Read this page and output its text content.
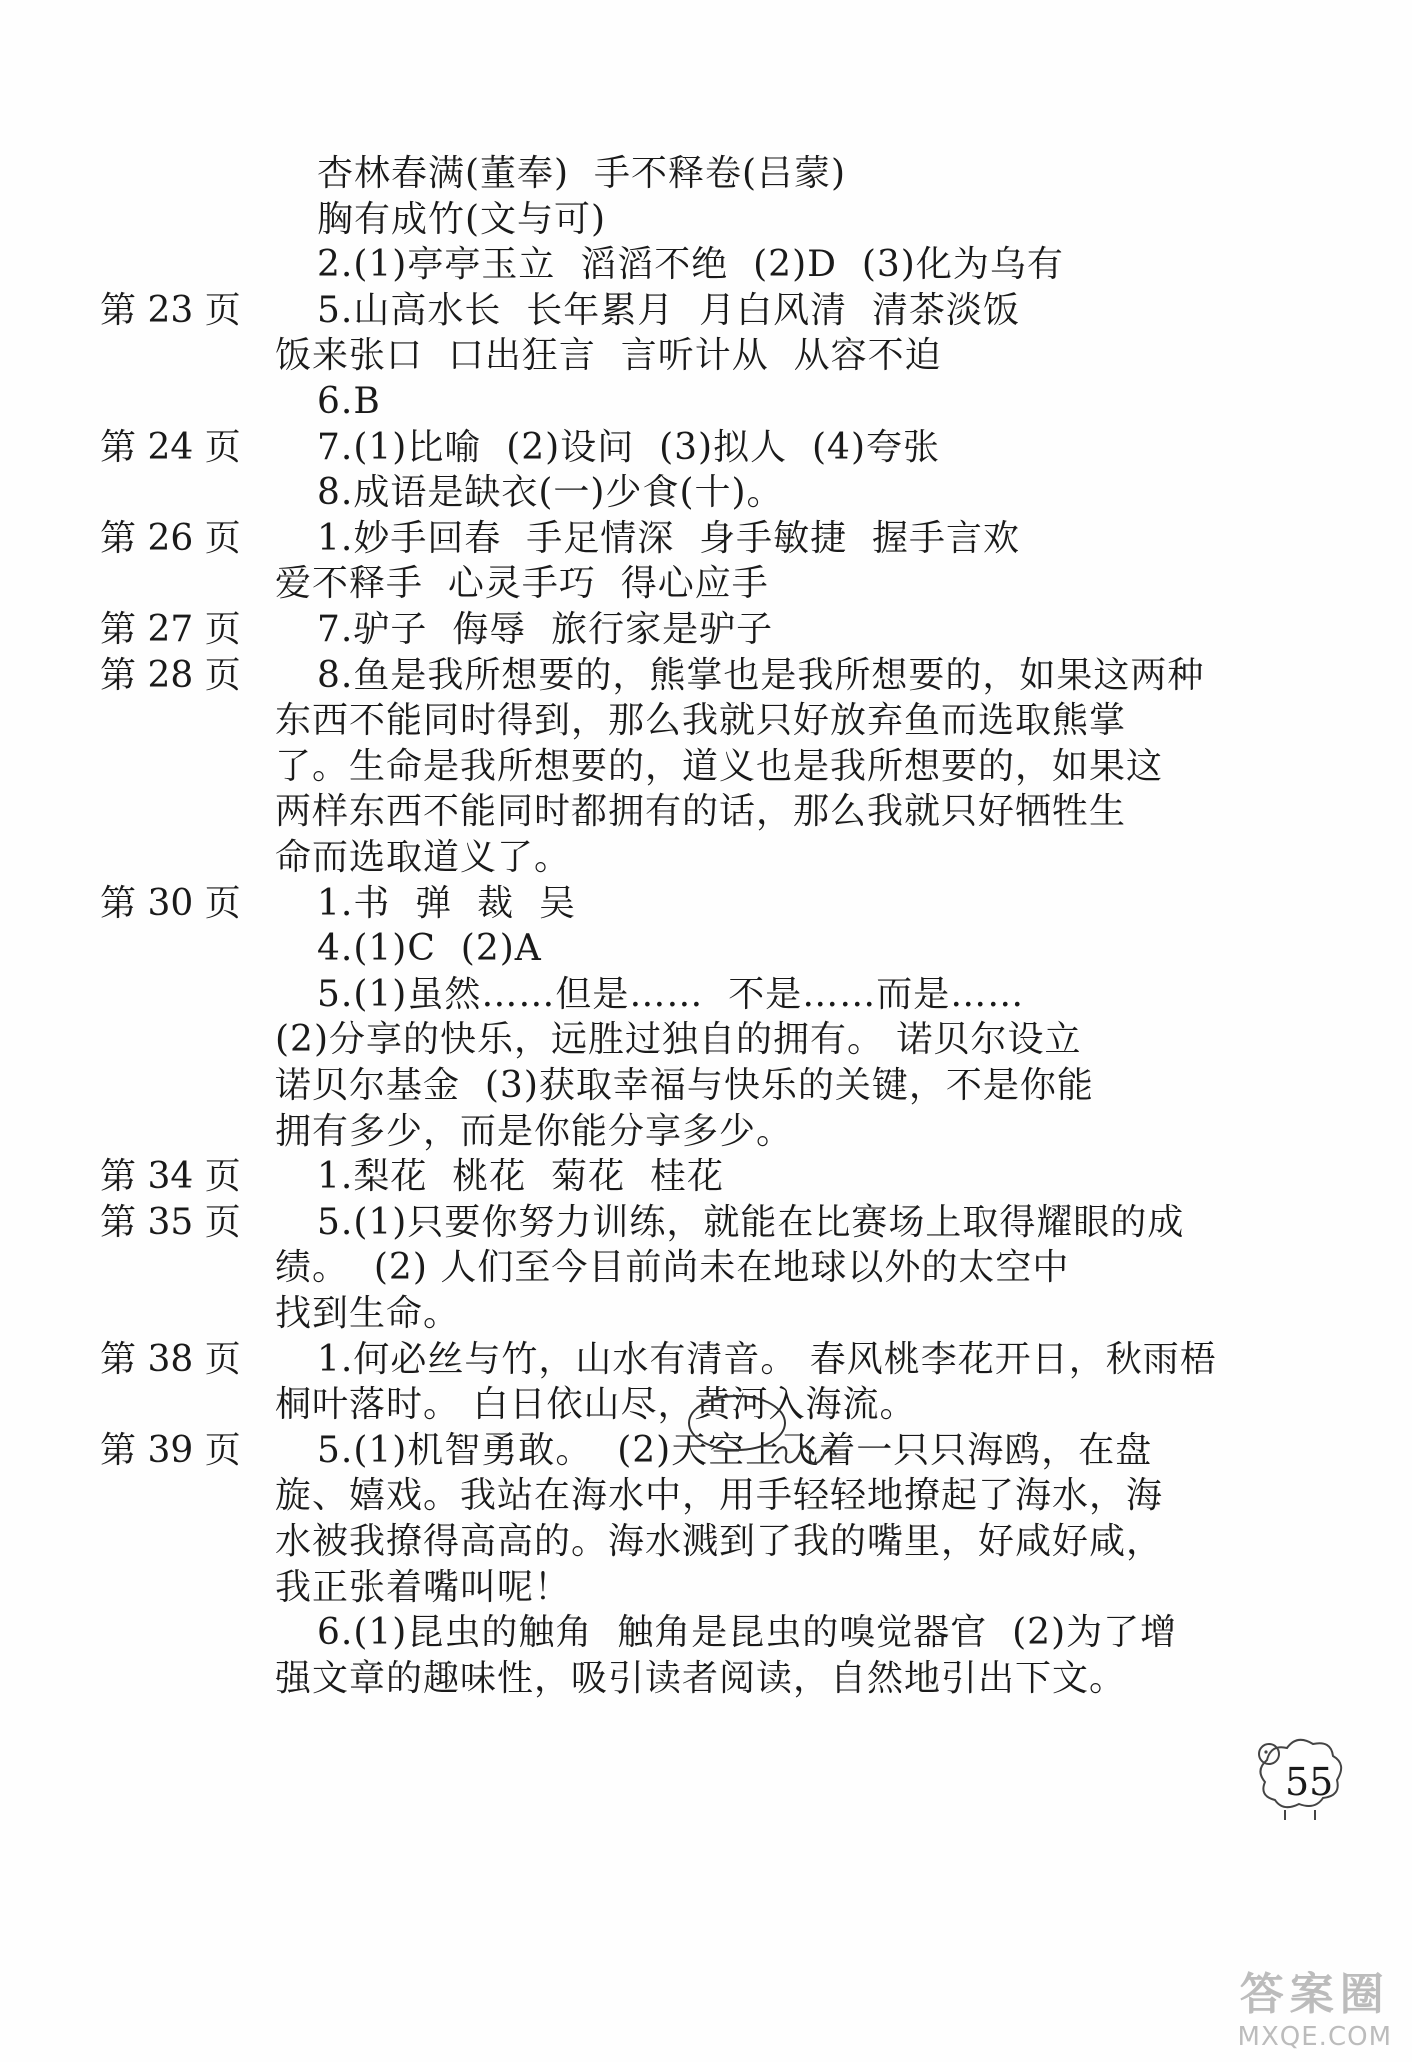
杏林春满(董奉)  手不释卷(吕蒙)
胸有成竹(文与可)
2.(1)亭亭玉立  滔滔不绝  (2)D  (3)化为乌有
第 23 页 5.山高水长  长年累月  月白风清  清茶淡饭
饭来张口  口出狂言  言听计从  从容不迫
6.B
第 24 页 7.(1)比喻  (2)设问  (3)拟人  (4)夸张
8.成语是缺衣(一)少食(十)。
第 26 页 1.妙手回春  手足情深  身手敏捷  握手言欢
爱不释手  心灵手巧  得心应手
第 27 页 7.驴子  侮辱  旅行家是驴子
第 28 页 8.鱼是我所想要的，熊掌也是我所想要的，如果这两种
东西不能同时得到，那么我就只好放弃鱼而选取熊掌
了。生命是我所想要的，道义也是我所想要的，如果这
两样东西不能同时都拥有的话，那么我就只好牺牲生
命而选取道义了。
第 30 页 1.书  弹  裁  吴
4.(1)C  (2)A
5.(1)虽然……但是……  不是……而是……
(2)分享的快乐，远胜过独自的拥有。 诺贝尔设立
诺贝尔基金  (3)获取幸福与快乐的关键，不是你能
拥有多少，而是你能分享多少。
第 34 页 1.梨花  桃花  菊花  桂花
第 35 页 5.(1)只要你努力训练，就能在比赛场上取得耀眼的成
绩。  (2) 人们至今目前尚未在地球以外的太空中
找到生命。
第 38 页 1.何必丝与竹，山水有清音。 春风桃李花开日，秋雨梧
桐叶落时。 白日依山尽，黄河入海流。
第 39 页 5.(1)机智勇敢。  (2)天空上飞着一只只海鸥，在盘
旋、嬉戏。我站在海水中，用手轻轻地撩起了海水，海
水被我撩得高高的。海水溅到了我的嘴里，好咸好咸，
我正张着嘴叫呢！
6.(1)昆虫的触角  触角是昆虫的嗅觉器官  (2)为了增
强文章的趣味性，吸引读者阅读，自然地引出下文。
55
答案圈
MXQE.COM
